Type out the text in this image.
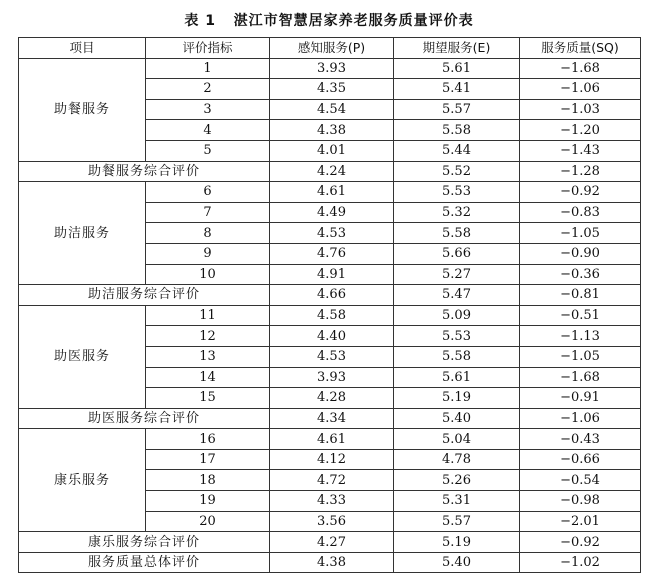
表 1   湛江市智慧居家养老服务质量评价表
项目	评价指标	感知服务(P)	期望服务(E)	服务质量(SQ)
助餐服务	1	3.93	5.61	−1.68
	2	4.35	5.41	−1.06
	3	4.54	5.57	−1.03
	4	4.38	5.58	−1.20
	5	4.01	5.44	−1.43
助餐服务综合评价		4.24	5.52	−1.28
助洁服务	6	4.61	5.53	−0.92
	7	4.49	5.32	−0.83
	8	4.53	5.58	−1.05
	9	4.76	5.66	−0.90
	10	4.91	5.27	−0.36
助洁服务综合评价		4.66	5.47	−0.81
助医服务	11	4.58	5.09	−0.51
	12	4.40	5.53	−1.13
	13	4.53	5.58	−1.05
	14	3.93	5.61	−1.68
	15	4.28	5.19	−0.91
助医服务综合评价		4.34	5.40	−1.06
康乐服务	16	4.61	5.04	−0.43
	17	4.12	4.78	−0.66
	18	4.72	5.26	−0.54
	19	4.33	5.31	−0.98
	20	3.56	5.57	−2.01
康乐服务综合评价		4.27	5.19	−0.92
服务质量总体评价		4.38	5.40	−1.02
